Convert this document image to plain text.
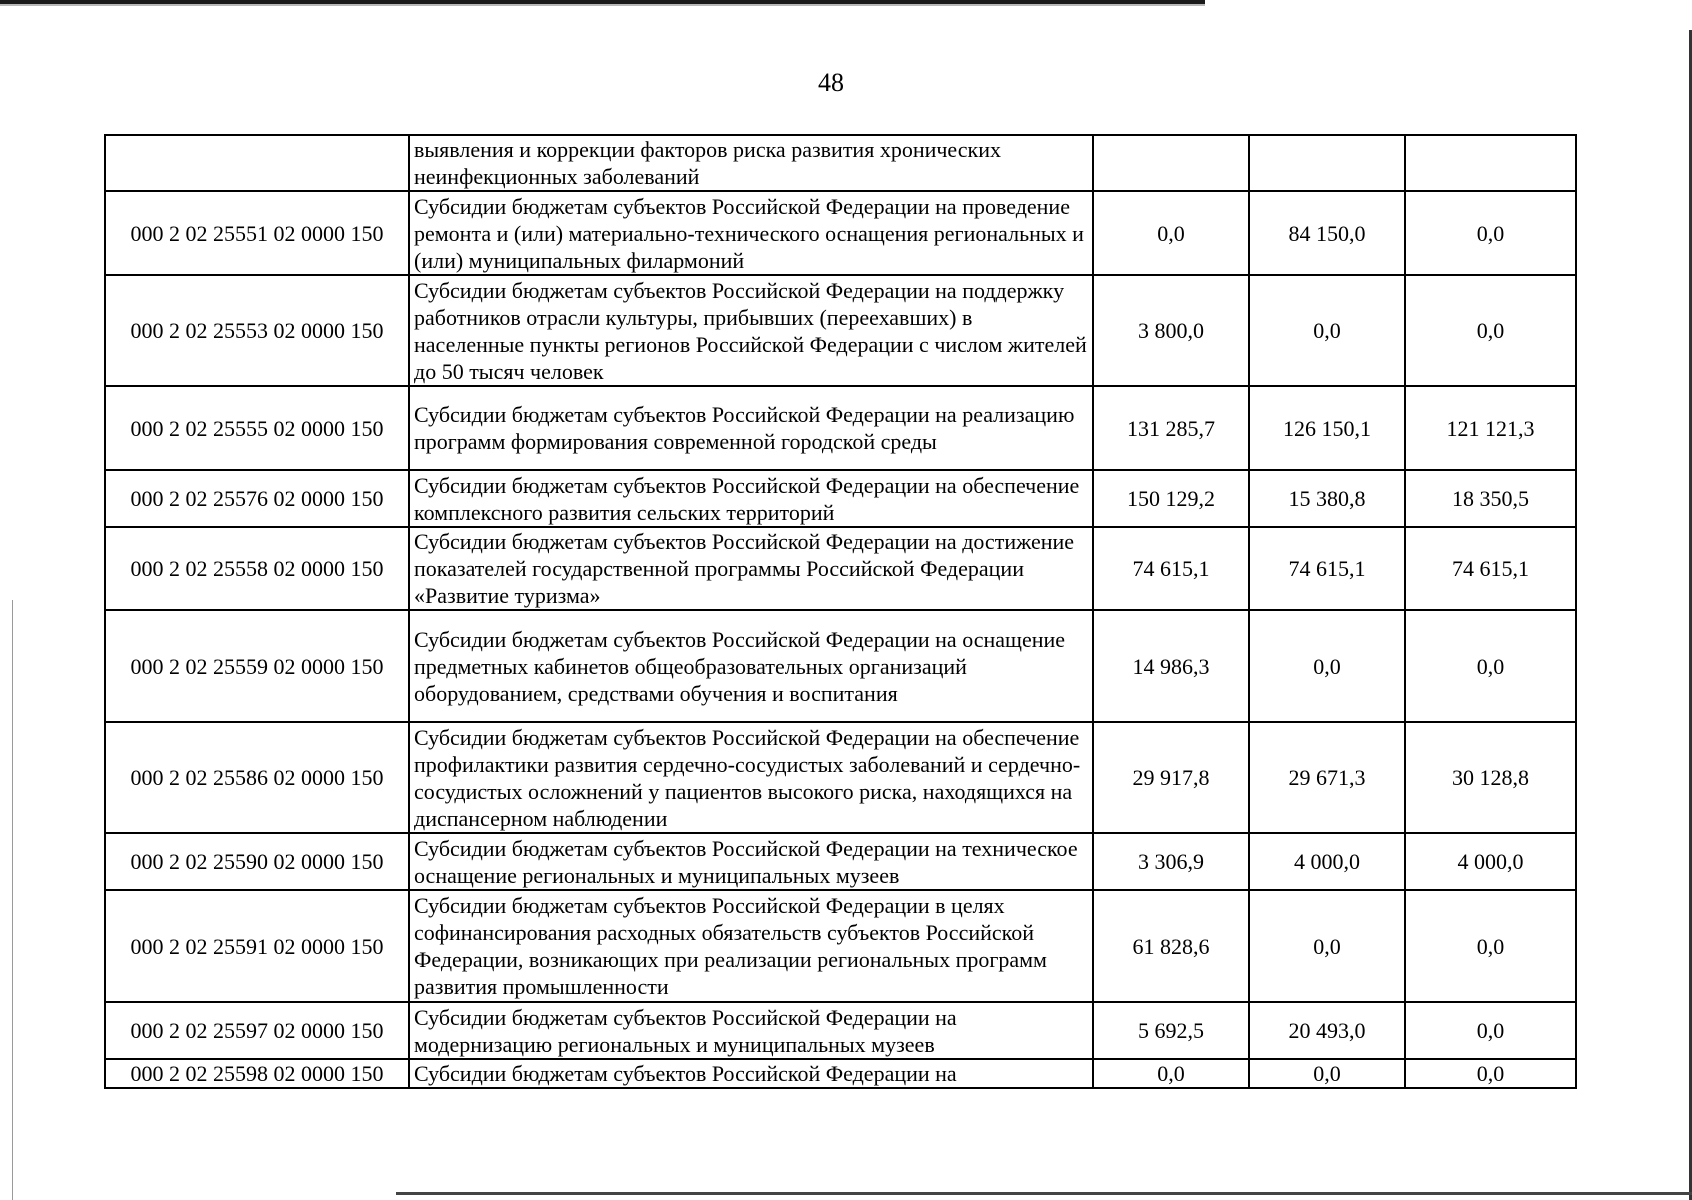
48
	выявления и коррекции факторов риска развития хронических неинфекционных заболеваний			
000 2 02 25551 02 0000 150	Субсидии бюджетам субъектов Российской Федерации на проведение ремонта и (или) материально-технического оснащения региональных и (или) муниципальных филармоний	0,0	84 150,0	0,0
000 2 02 25553 02 0000 150	Субсидии бюджетам субъектов Российской Федерации на поддержку работников отрасли культуры, прибывших (переехавших) в населенные пункты регионов Российской Федерации с числом жителей до 50 тысяч человек	3 800,0	0,0	0,0
000 2 02 25555 02 0000 150	Субсидии бюджетам субъектов Российской Федерации на реализацию программ формирования современной городской среды	131 285,7	126 150,1	121 121,3
000 2 02 25576 02 0000 150	Субсидии бюджетам субъектов Российской Федерации на обеспечение комплексного развития сельских территорий	150 129,2	15 380,8	18 350,5
000 2 02 25558 02 0000 150	Субсидии бюджетам субъектов Российской Федерации на достижение показателей государственной программы Российской Федерации «Развитие туризма»	74 615,1	74 615,1	74 615,1
000 2 02 25559 02 0000 150	Субсидии бюджетам субъектов Российской Федерации на оснащение предметных кабинетов общеобразовательных организаций оборудованием, средствами обучения и воспитания	14 986,3	0,0	0,0
000 2 02 25586 02 0000 150	Субсидии бюджетам субъектов Российской Федерации на обеспечение профилактики развития сердечно-сосудистых заболеваний и сердечно-сосудистых осложнений у пациентов высокого риска, находящихся на диспансерном наблюдении	29 917,8	29 671,3	30 128,8
000 2 02 25590 02 0000 150	Субсидии бюджетам субъектов Российской Федерации на техническое оснащение региональных и муниципальных музеев	3 306,9	4 000,0	4 000,0
000 2 02 25591 02 0000 150	Субсидии бюджетам субъектов Российской Федерации в целях софинансирования расходных обязательств субъектов Российской Федерации, возникающих при реализации региональных программ развития промышленности	61 828,6	0,0	0,0
000 2 02 25597 02 0000 150	Субсидии бюджетам субъектов Российской Федерации на модернизацию региональных и муниципальных музеев	5 692,5	20 493,0	0,0
000 2 02 25598 02 0000 150	Субсидии бюджетам субъектов Российской Федерации на	0,0	0,0	0,0
